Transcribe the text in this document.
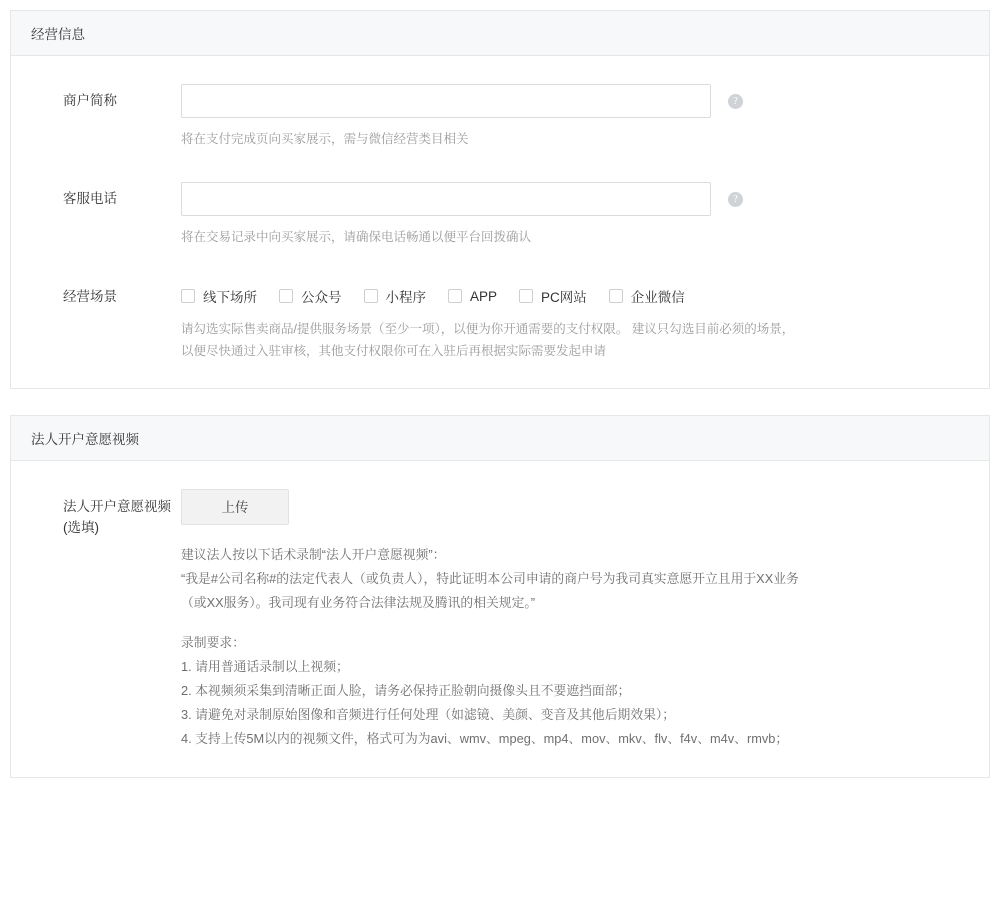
经营信息
商户简称	?
将在支付完成页向买家展示，需与微信经营类目相关
客服电话	?
将在交易记录中向买家展示，请确保电话畅通以便平台回拨确认
经营场景	线下场所	公众号	小程序	APP	PC网站	企业微信
请勾选实际售卖商品/提供服务场景（至少一项），以便为你开通需要的支付权限。 建议只勾选目前必须的场景，
以便尽快通过入驻审核，其他支付权限你可在入驻后再根据实际需要发起申请
法人开户意愿视频
法人开户意愿视频
(选填)
上传

建议法人按以下话术录制“法人开户意愿视频”：

“我是#公司名称#的法定代表人（或负责人），特此证明本公司申请的商户号为我司真实意愿开立且用于XX业务

（或XX服务）。我司现有业务符合法律法规及腾讯的相关规定。”

录制要求：

1. 请用普通话录制以上视频；

2. 本视频须采集到清晰正面人脸，请务必保持正脸朝向摄像头且不要遮挡面部；

3. 请避免对录制原始图像和音频进行任何处理（如滤镜、美颜、变音及其他后期效果）；

4. 支持上传5M以内的视频文件，格式可为为avi、wmv、mpeg、mp4、mov、mkv、flv、f4v、m4v、rmvb；
